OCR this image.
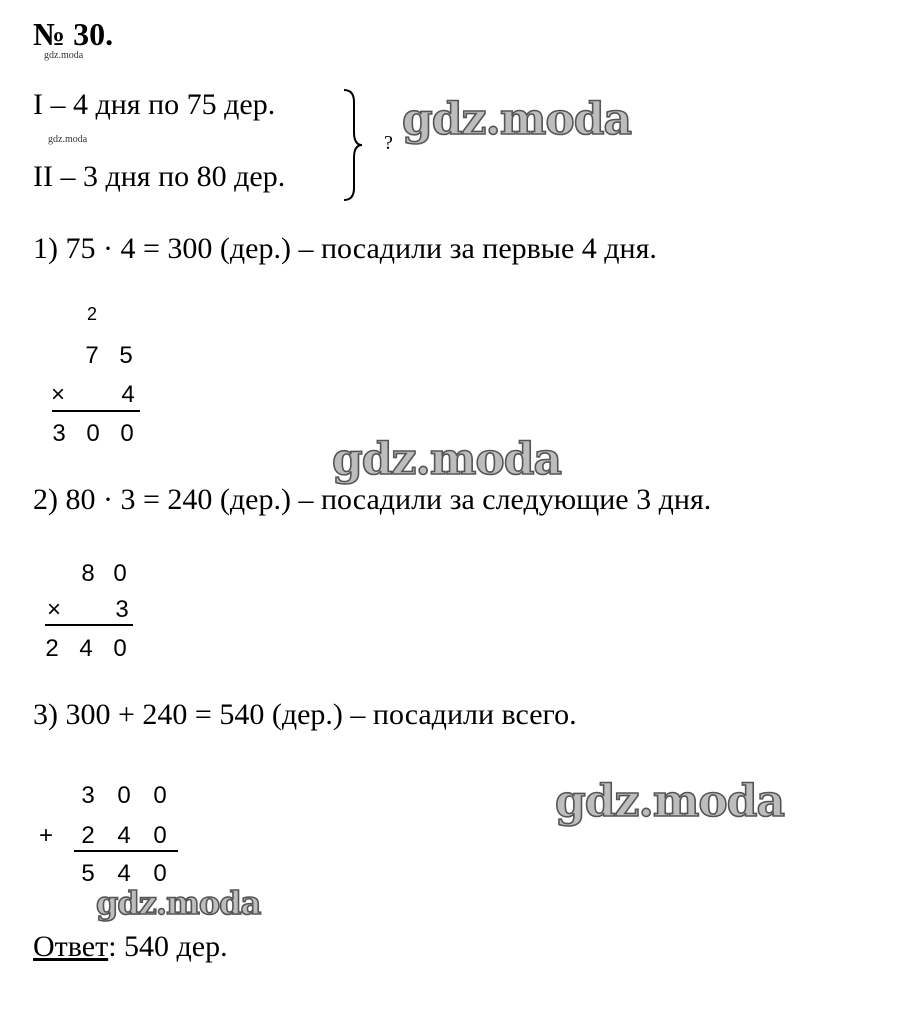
№ 30.
gdz.moda
I – 4 дня по 75 дер.
gdz.moda
II – 3 дня по 80 дер.
?
1) 75 · 4 = 300 (дер.) – посадили за первые 4 дня.
2
7 5
× 4
3 0 0
2) 80 · 3 = 240 (дер.) – посадили за следующие 3 дня.
8 0
× 3
2 4 0
3) 300 + 240 = 540 (дер.) – посадили всего.
3 0 0
+ 2 4 0
5 4 0
Ответ: 540 дер.
gdz.moda
gdz.moda
gdz.moda
gdz.moda
